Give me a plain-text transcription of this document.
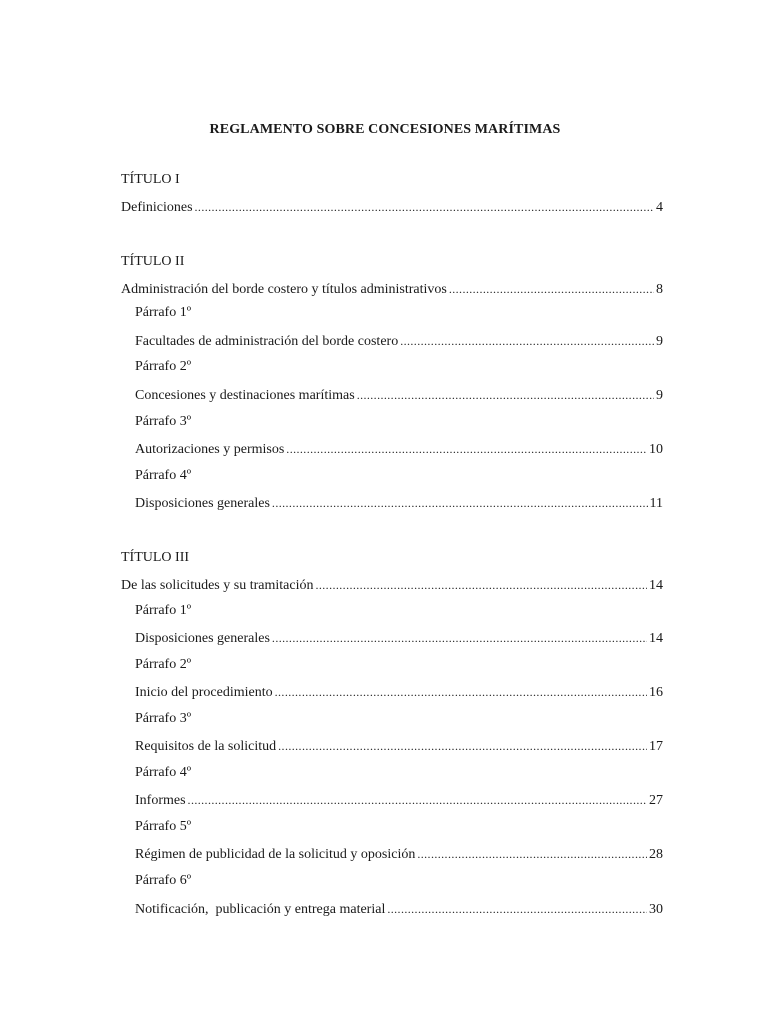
REGLAMENTO SOBRE CONCESIONES MARÍTIMAS
TÍTULO I
Definiciones .....	4
TÍTULO II
Administración del borde costero y títulos administrativos .....	8
Párrafo 1º
Facultades de administración del borde costero .....	9
Párrafo 2º
Concesiones y destinaciones marítimas .....	9
Párrafo 3º
Autorizaciones y permisos .....	10
Párrafo 4º
Disposiciones generales .....	11
TÍTULO III
De las solicitudes y su tramitación .....	14
Párrafo 1º
Disposiciones generales .....	14
Párrafo 2º
Inicio del procedimiento .....	16
Párrafo 3º
Requisitos de la solicitud .....	17
Párrafo 4º
Informes .....	27
Párrafo 5º
Régimen de publicidad de la solicitud y oposición .....	28
Párrafo 6º
Notificación,  publicación y entrega material .....	30
